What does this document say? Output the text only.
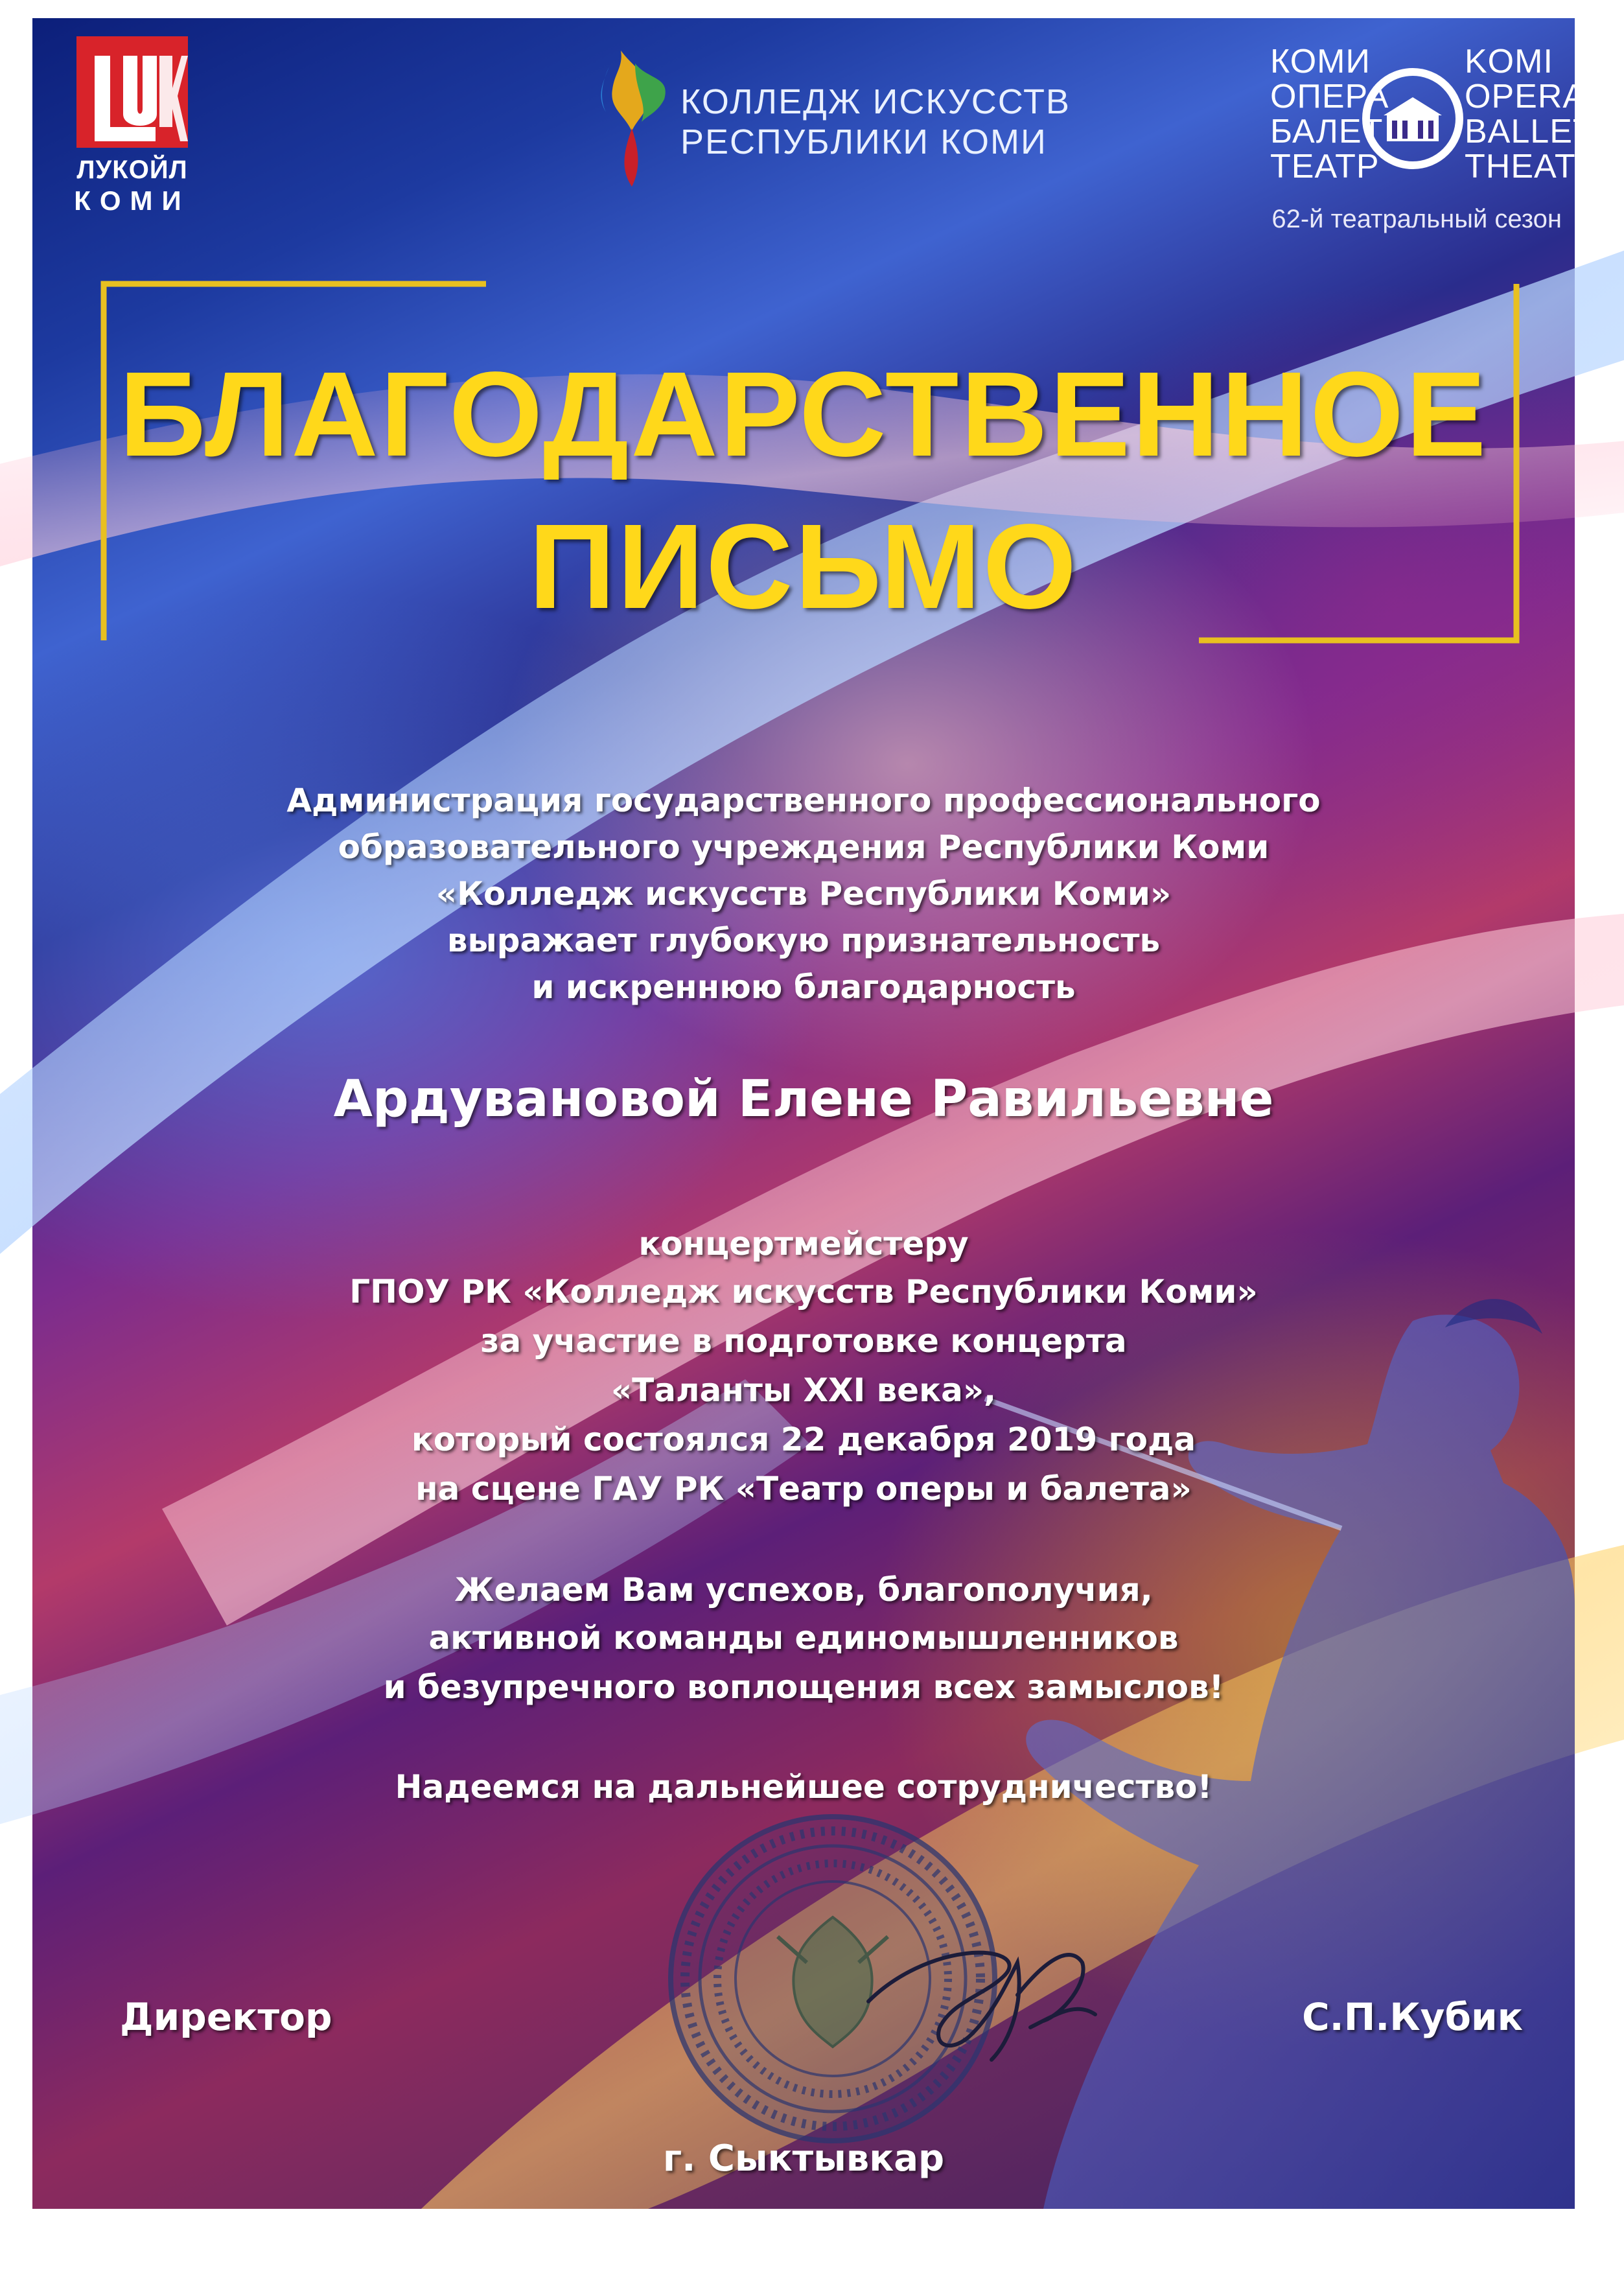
ЛУКОЙЛ
КОМИ
КОЛЛЕДЖ ИСКУССТВ
РЕСПУБЛИКИ КОМИ
КОМИ
ОПЕРА
БАЛЕТ
ТЕАТР
KOMI
OPERA
BALLET
THEATRE
62-й театральный сезон
БЛАГОДАРСТВЕННОЕ
ПИСЬМО
Администрация государственного профессионального
образовательного учреждения Республики Коми
«Колледж искусств Республики Коми»
выражает глубокую признательность
и искреннюю благодарность
Ардувановой Елене Равильевне
концертмейстеру
ГПОУ РК «Колледж искусств Республики Коми»
за участие в подготовке концерта
«Таланты XXI века»,
который состоялся 22 декабря 2019 года
на сцене ГАУ РК «Театр оперы и балета»
Желаем Вам успехов, благополучия,
активной команды единомышленников
и безупречного воплощения всех замыслов!
Надеемся на дальнейшее сотрудничество!
Директор	С.П.Кубик
г. Сыктывкар
